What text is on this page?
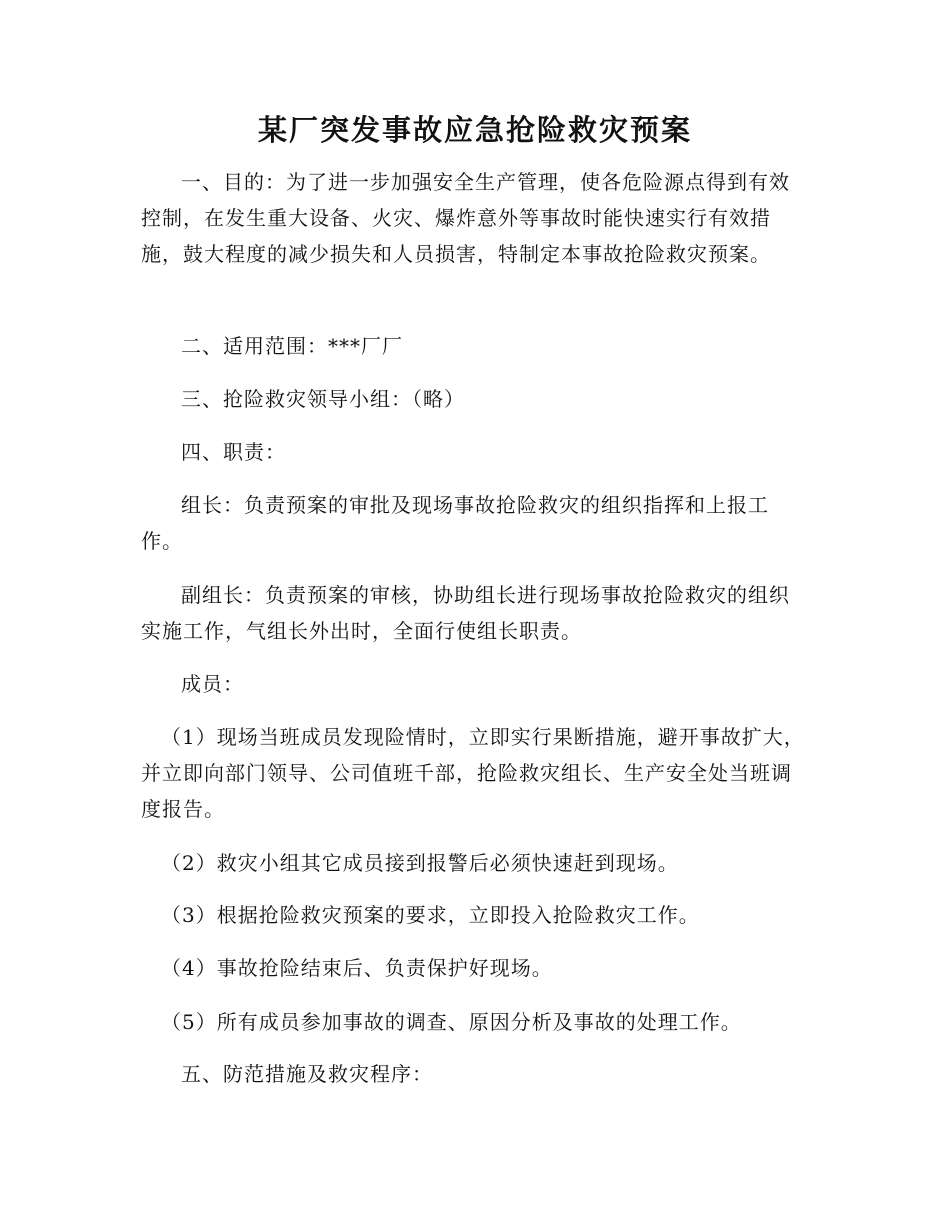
某厂突发事故应急抢险救灾预案

一、目的：为了进一步加强安全生产管理，使各危险源点得到有效控制，在发生重大设备、火灾、爆炸意外等事故时能快速实行有效措施，鼓大程度的减少损失和人员损害，特制定本事故抢险救灾预案。

二、适用范围：***厂厂

三、抢险救灾领导小组：（略）

四、职责：

组长：负责预案的审批及现场事故抢险救灾的组织指挥和上报工作。

副组长：负责预案的审核，协助组长进行现场事故抢险救灾的组织实施工作，气组长外出时，全面行使组长职责。

成员：

（1）现场当班成员发现险情时，立即实行果断措施，避开事故扩大，并立即向部门领导、公司值班千部，抢险救灾组长、生产安全处当班调度报告。

（2）救灾小组其它成员接到报警后必须快速赶到现场。

（3）根据抢险救灾预案的要求，立即投入抢险救灾工作。

（4）事故抢险结束后、负责保护好现场。

（5）所有成员参加事故的调查、原因分析及事故的处理工作。

五、防范措施及救灾程序：
